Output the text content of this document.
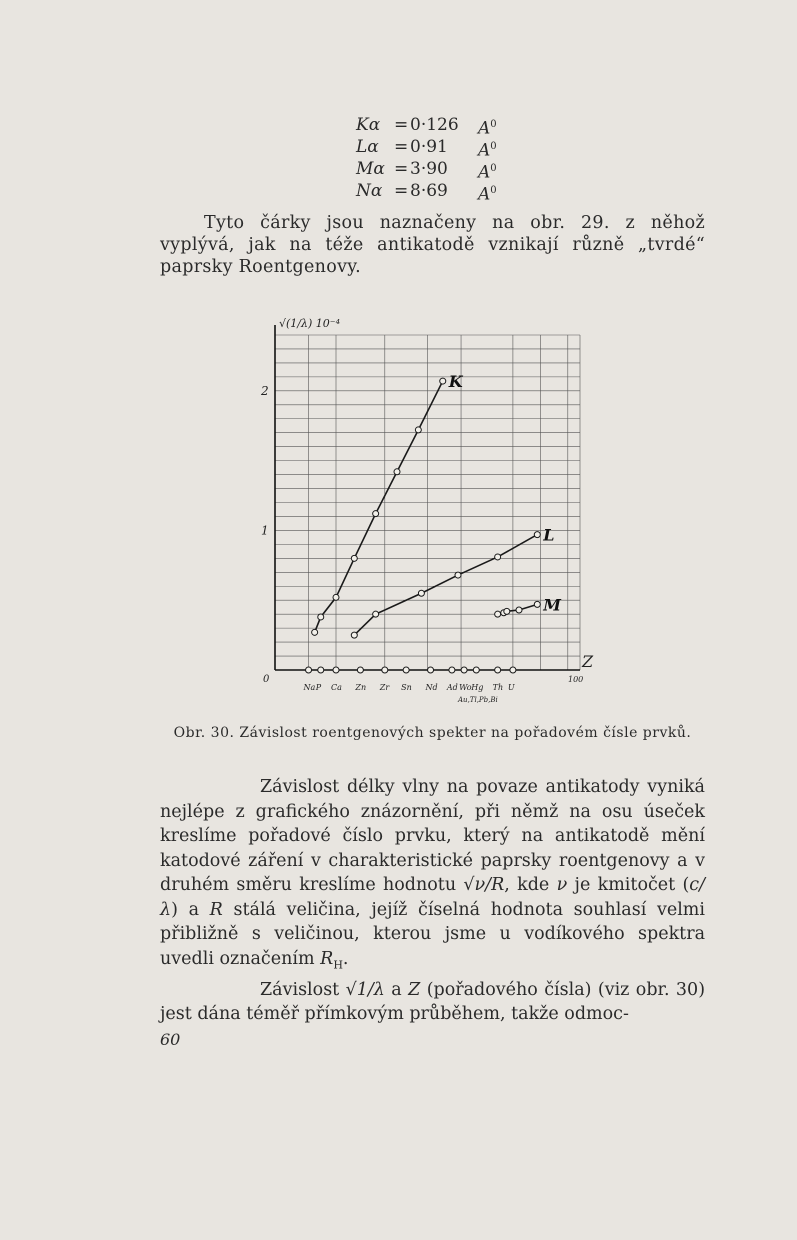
Kα = 0·126 $A^0$
Lα = 0·91 $A^0$
Mα = 3·90 $A^0$
Nα = 8·69 $A^0$

Tyto čárky jsou naznačeny na obr. 29. z něhož vyplývá, jak na téže antikatodě vznikají různě „tvrdé“ paprsky Roentgenovy.

√(1/λ) 10⁻⁴
Z
2
1
0	100
K
L
M
Na P Ca Zn Zr Sn Nd Ad Wo Hg Th U
Au,Tl,Pb,Bi
Obr. 30. Závislost roentgenových spekter na pořadovém čísle prvků.

Závislost délky vlny na povaze antikatody vyniká nejlépe z grafického znázornění, při němž na osu úseček kreslíme pořadové číslo prvku, který na antikatodě mění katodové záření v charakteristické paprsky roentgenovy a v druhém směru kreslíme hodnotu √ν/R, kde ν je kmitočet (c/λ) a R stálá veličina, jejíž číselná hodnota souhlasí velmi přibližně s veličinou, kterou jsme u vodíkového spektra uvedli označením $R_H$.

Závislost √1/λ a Z (pořadového čísla) (viz obr. 30) jest dána téměř přímkovým průběhem, takže odmoc-

60
